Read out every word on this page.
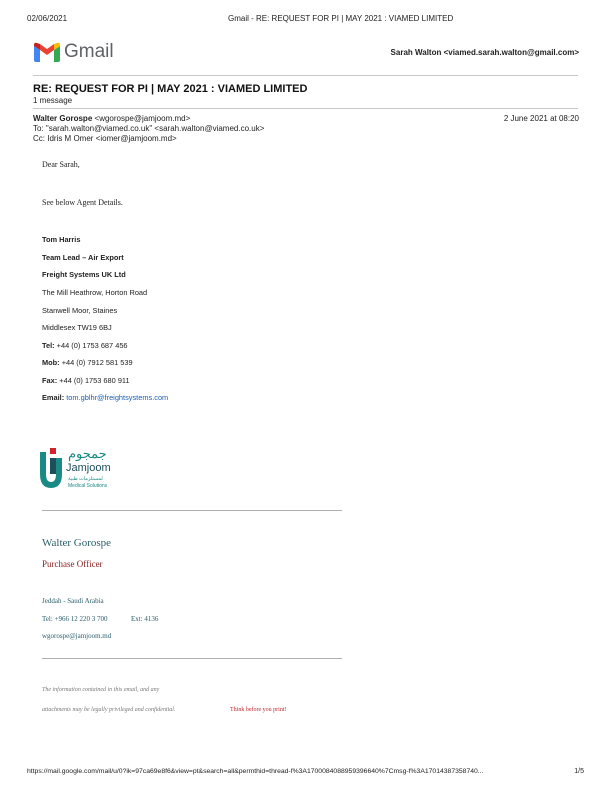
02/06/2021	Gmail - RE: REQUEST FOR PI | MAY 2021 : VIAMED LIMITED
Gmail	Sarah Walton <viamed.sarah.walton@gmail.com>
RE: REQUEST FOR PI | MAY 2021 : VIAMED LIMITED
1 message
Walter Gorospe <wgorospe@jamjoom.md>	2 June 2021 at 08:20
To: "sarah.walton@viamed.co.uk" <sarah.walton@viamed.co.uk>
Cc: Idris M Omer <iomer@jamjoom.md>
Dear Sarah,
See below Agent Details.
Tom Harris
Team Lead – Air Export
Freight Systems UK Ltd
The Mill Heathrow, Horton Road
Stanwell Moor, Staines
Middlesex TW19 6BJ
Tel: +44 (0) 1753 687 456
Mob: +44 (0) 7912 581 539
Fax: +44 (0) 1753 680 911
Email: tom.gblhr@freightsystems.com
جمجوم
Jamjoom
لمستلزمات طبية
Medical Solutions
Walter Gorospe
Purchase Officer
Jeddah - Saudi Arabia
Tel: +966 12 220 3 700	Ext: 4136
wgorospe@jamjoom.md
The information contained in this email, and any
attachments may be legally privileged and confidential.	Think before you print!
https://mail.google.com/mail/u/0?ik=97ca69e8f6&view=pt&search=all&permthid=thread-f%3A1700084088959396640%7Cmsg-f%3A17014387358740...	1/5
